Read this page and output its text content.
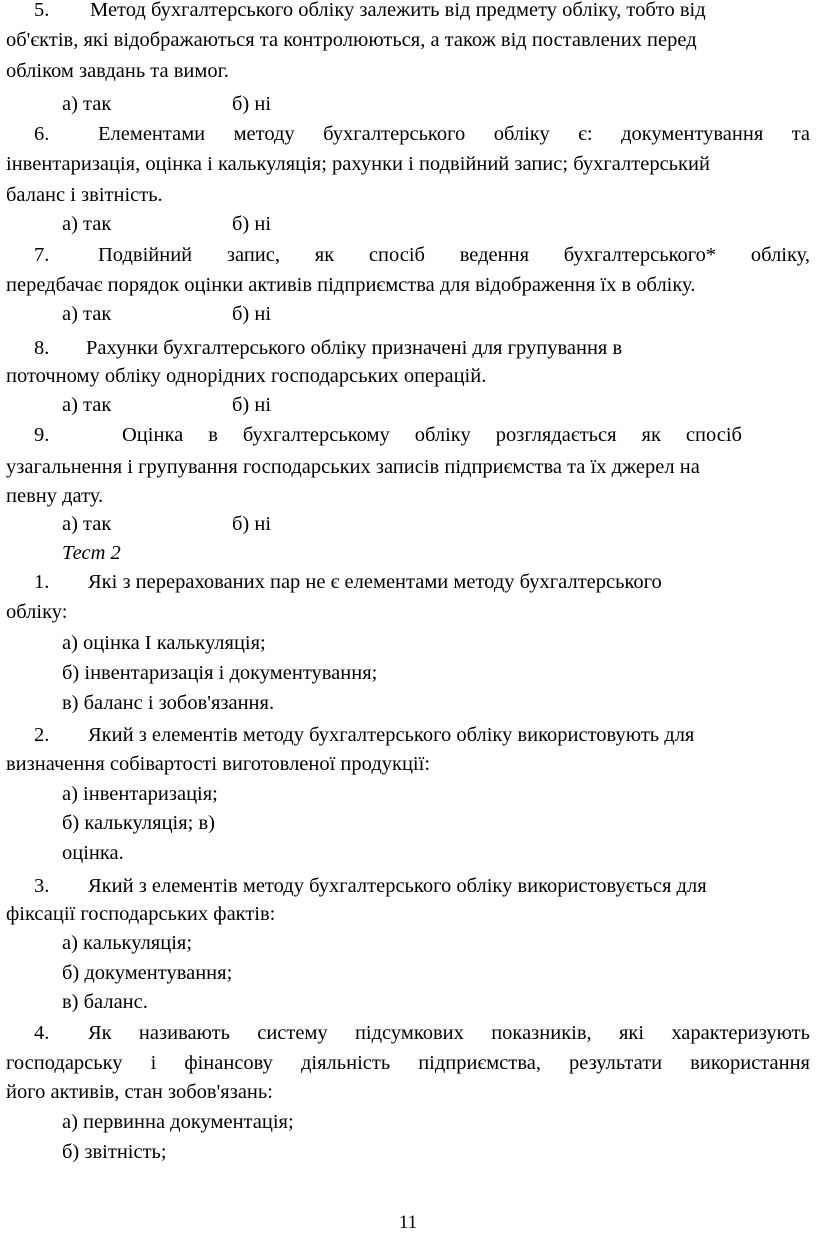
5. Метод бухгалтерського обліку залежить від предмету обліку, тобто від
об'єктів, які відображаються та контролюються, а також від поставлених перед
обліком завдань та вимог.
а) так	б) ні
6. Елементами методу бухгалтерського обліку є: документування та
інвентаризація, оцінка і калькуляція; рахунки і подвійний запис; бухгалтерський
баланс і звітність.
а) так	б) ні
7. Подвійний запис, як спосіб ведення бухгалтерського* обліку,
передбачає порядок оцінки активів підприємства для відображення їх в обліку.
а) так	б) ні
8. Рахунки бухгалтерського обліку призначені для групування в
поточному обліку однорідних господарських операцій.
а) так	б) ні
9.	Оцінка в бухгалтерському обліку розглядається як спосіб
узагальнення і групування господарських записів підприємства та їх джерел на
певну дату.
а) так	б) ні
Тест 2
1. Які з перерахованих пар не є елементами методу бухгалтерського
обліку:
а) оцінка І калькуляція;
б) інвентаризація і документування;
в) баланс і зобов'язання.
2. Який з елементів методу бухгалтерського обліку використовують для
визначення собівартості виготовленої продукції:
а) інвентаризація;
б) калькуляція; в)
оцінка.
3. Який з елементів методу бухгалтерського обліку використовується для
фіксації господарських фактів:
а) калькуляція;
б) документування;
в) баланс.
4. Як називають систему підсумкових показників, які характеризують
господарську і фінансову діяльність підприємства, результати використання
його активів, стан зобов'язань:
а) первинна документація;
б) звітність;
11
